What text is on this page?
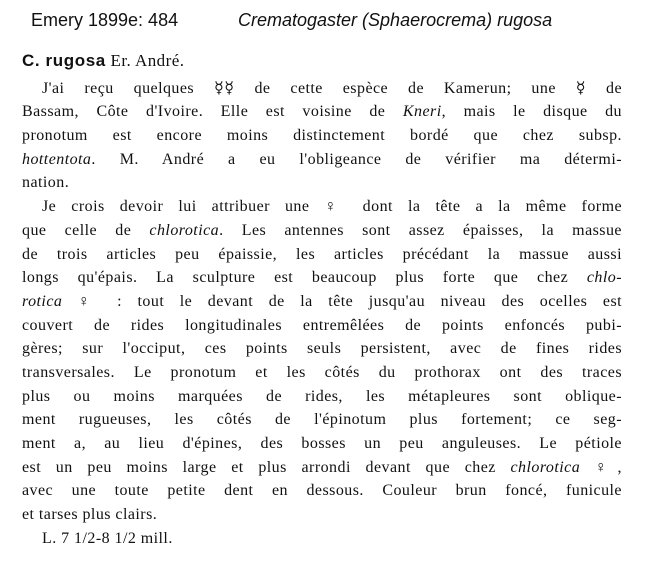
Emery 1899e: 484	Crematogaster (Sphaerocrema) rugosa
C. rugosa Er. André.
J'ai reçu quelques ☿☿ de cette espèce de Kamerun; une ☿ de
Bassam, Côte d'Ivoire. Elle est voisine de Kneri, mais le disque du
pronotum est encore moins distinctement bordé que chez subsp.
hottentota. M. André a eu l'obligeance de vérifier ma détermi-
nation.
Je crois devoir lui attribuer une ♀ dont la tête a la même forme
que celle de chlorotica. Les antennes sont assez épaisses, la massue
de trois articles peu épaissie, les articles précédant la massue aussi
longs qu'épais. La sculpture est beaucoup plus forte que chez chlo-
rotica ♀ : tout le devant de la tête jusqu'au niveau des ocelles est
couvert de rides longitudinales entremêlées de points enfoncés pubi-
gères; sur l'occiput, ces points seuls persistent, avec de fines rides
transversales. Le pronotum et les côtés du prothorax ont des traces
plus ou moins marquées de rides, les métapleures sont oblique-
ment rugueuses, les côtés de l'épinotum plus fortement; ce seg-
ment a, au lieu d'épines, des bosses un peu anguleuses. Le pétiole
est un peu moins large et plus arrondi devant que chez chlorotica ♀,
avec une toute petite dent en dessous. Couleur brun foncé, funicule
et tarses plus clairs.
L. 7 1/2-8 1/2 mill.
